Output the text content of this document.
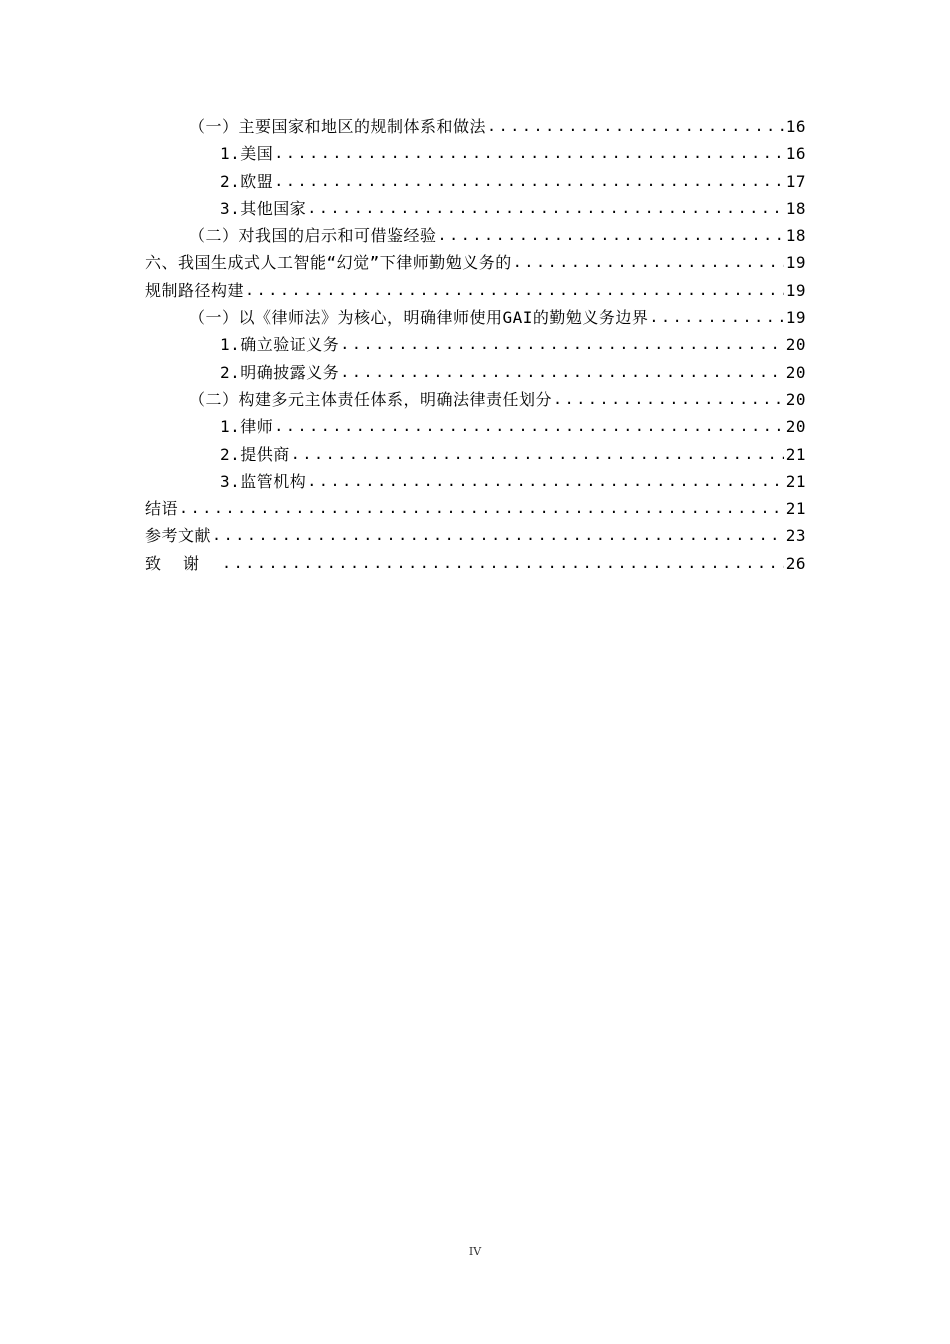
（一）主要国家和地区的规制体系和做法 .....	16
1.美国 .....	16
2.欧盟 .....	17
3.其他国家 .....	18
（二）对我国的启示和可借鉴经验 .....	18
六、我国生成式人工智能“幻觉”下律师勤勉义务的 .....	19
规制路径构建 .....	19
（一）以《律师法》为核心，明确律师使用GAI的勤勉义务边界 .....	19
1.确立验证义务 .....	20
2.明确披露义务 .....	20
（二）构建多元主体责任体系，明确法律责任划分 .....	20
1.律师 .....	20
2.提供商 .....	21
3.监管机构 .....	21
结语 .....	21
参考文献 .....	23
致谢 .....	26
IV
